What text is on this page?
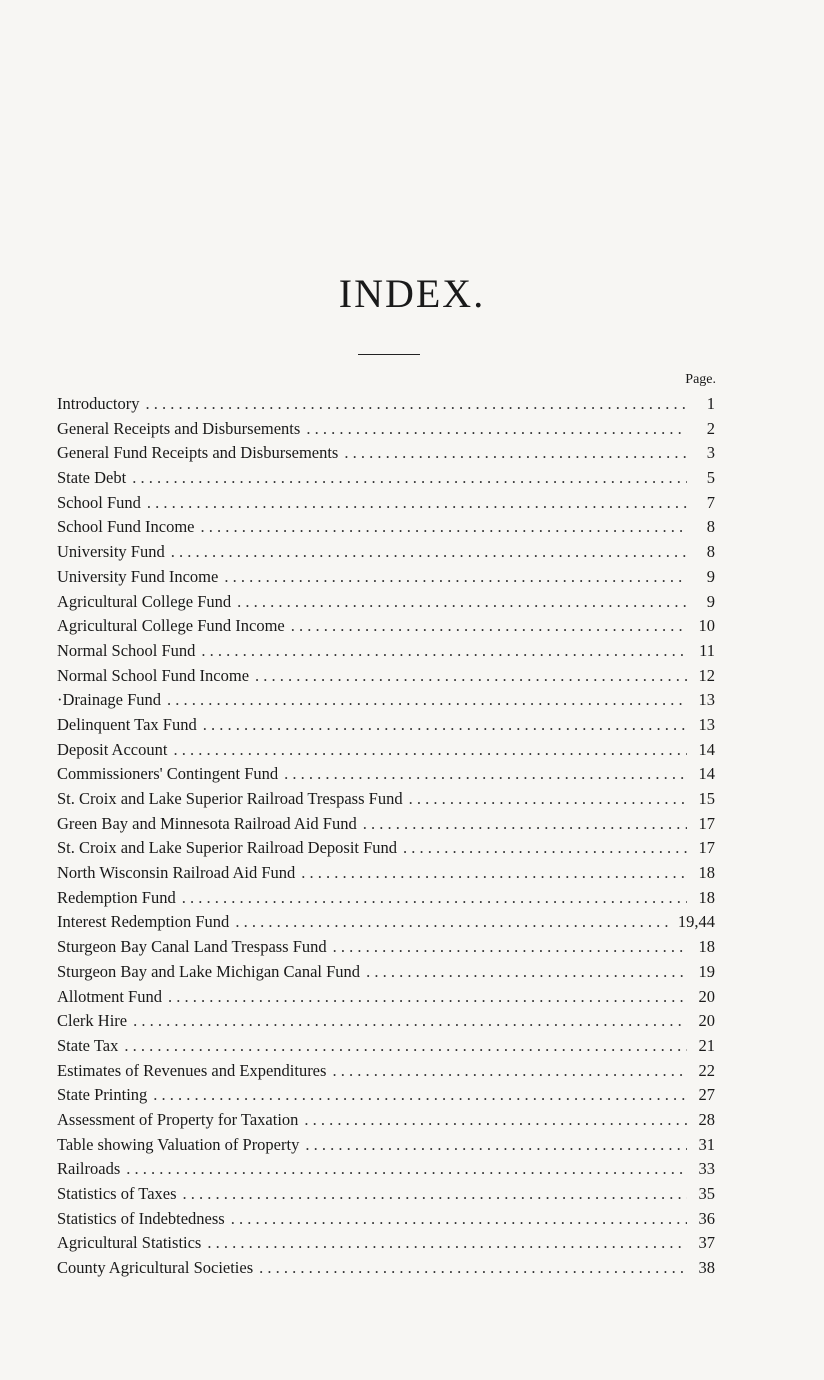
INDEX.
Page.
Introductory . . .	1
General Receipts and Disbursements . . .	2
General Fund Receipts and Disbursements . . .	3
State Debt . . .	5
School Fund . . .	7
School Fund Income . . .	8
University Fund . . .	8
University Fund Income . . .	9
Agricultural College Fund . . .	9
Agricultural College Fund Income . . .	10
Normal School Fund . . .	11
Normal School Fund Income . . .	12
·Drainage Fund . . .	13
Delinquent Tax Fund . . .	13
Deposit Account . . .	14
Commissioners' Contingent Fund . . .	14
St. Croix and Lake Superior Railroad Trespass Fund . . .	15
Green Bay and Minnesota Railroad Aid Fund . . .	17
St. Croix and Lake Superior Railroad Deposit Fund . . .	17
North Wisconsin Railroad Aid Fund . . .	18
Redemption Fund . . .	18
Interest Redemption Fund . . .	19,44
Sturgeon Bay Canal Land Trespass Fund . . .	18
Sturgeon Bay and Lake Michigan Canal Fund . . .	19
Allotment Fund . . .	20
Clerk Hire . . .	20
State Tax . . .	21
Estimates of Revenues and Expenditures . . .	22
State Printing . . .	27
Assessment of Property for Taxation . . .	28
Table showing Valuation of Property . . .	31
Railroads . . .	33
Statistics of Taxes . . .	35
Statistics of Indebtedness . . .	36
Agricultural Statistics . . .	37
County Agricultural Societies . . .	38
